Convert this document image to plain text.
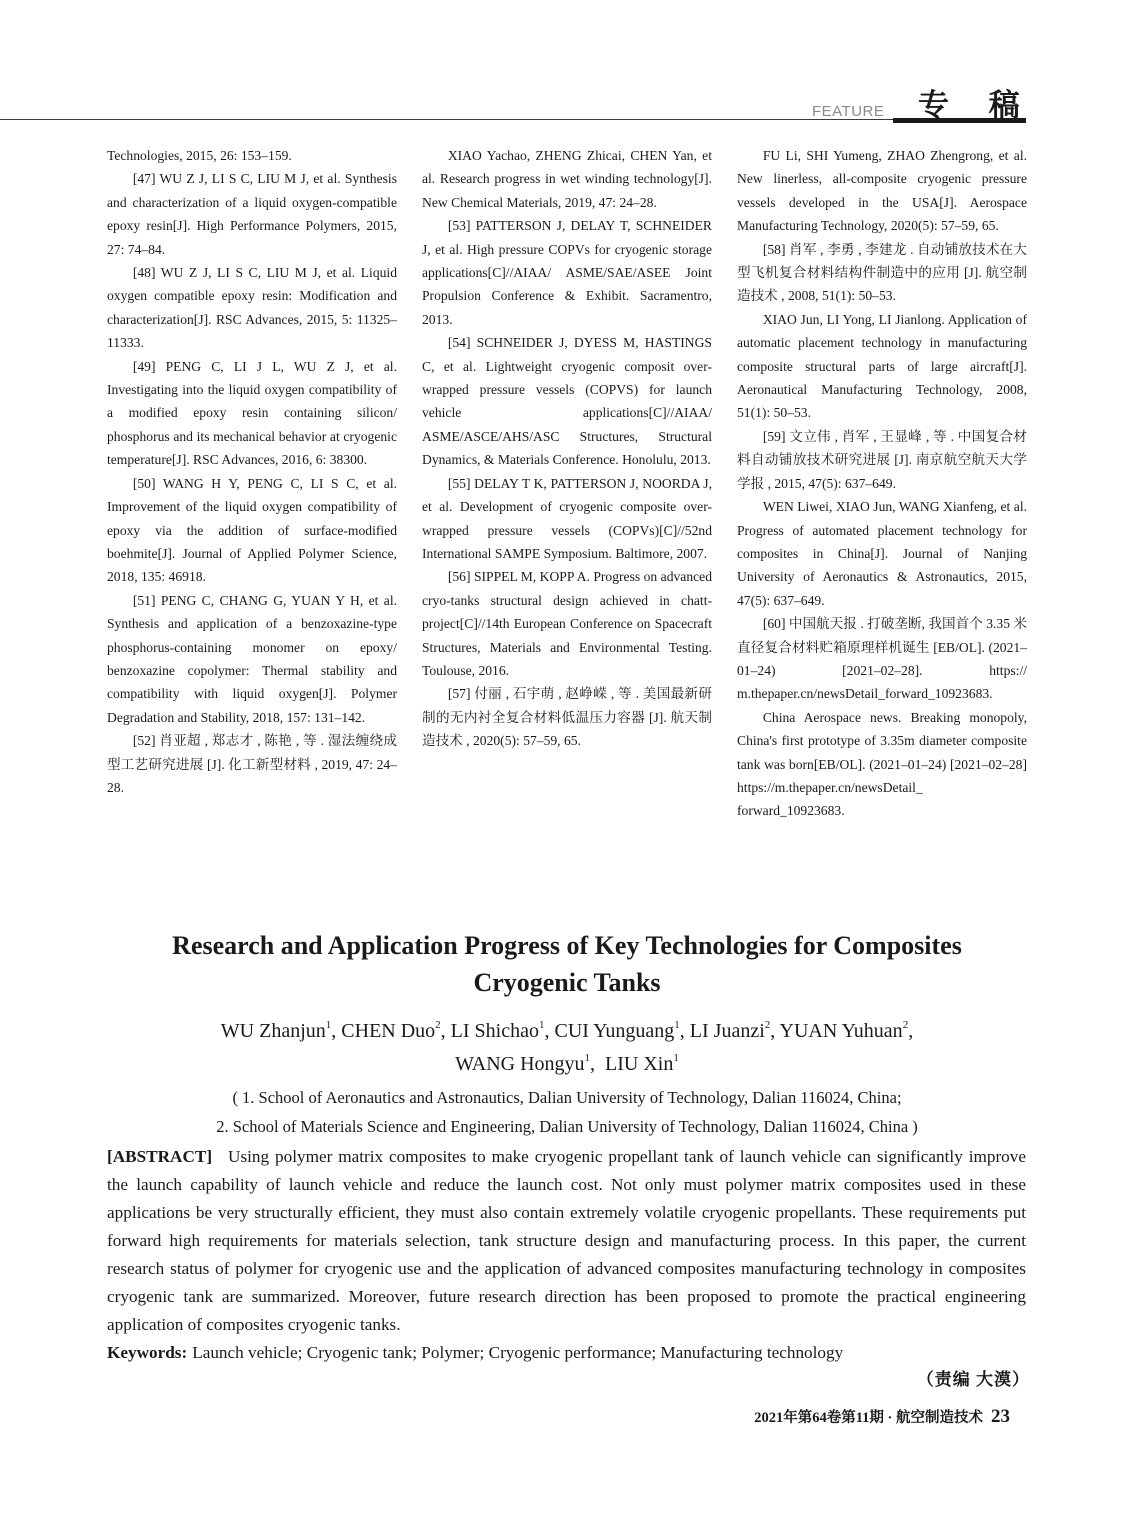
FEATURE 专 稿

Technologies, 2015, 26: 153–159.

[47] WU Z J, LI S C, LIU M J, et al. Synthesis and characterization of a liquid oxygen-compatible epoxy resin[J]. High Performance Polymers, 2015, 27: 74–84.

[48] WU Z J, LI S C, LIU M J, et al. Liquid oxygen compatible epoxy resin: Modification and characterization[J]. RSC Advances, 2015, 5: 11325–11333.

[49] PENG C, LI J L, WU Z J, et al. Investigating into the liquid oxygen compatibility of a modified epoxy resin containing silicon/ phosphorus and its mechanical behavior at cryogenic temperature[J]. RSC Advances, 2016, 6: 38300.

[50] WANG H Y, PENG C, LI S C, et al. Improvement of the liquid oxygen compatibility of epoxy via the addition of surface-modified boehmite[J]. Journal of Applied Polymer Science, 2018, 135: 46918.

[51] PENG C, CHANG G, YUAN Y H, et al. Synthesis and application of a benzoxazine-type phosphorus-containing monomer on epoxy/ benzoxazine copolymer: Thermal stability and compatibility with liquid oxygen[J]. Polymer Degradation and Stability, 2018, 157: 131–142.

[52] 肖亚超 , 郑志才 , 陈艳 , 等 . 湿法缠绕成型工艺研究进展 [J]. 化工新型材料 , 2019, 47: 24–28.

XIAO Yachao, ZHENG Zhicai, CHEN Yan, et al. Research progress in wet winding technology[J]. New Chemical Materials, 2019, 47: 24–28.

[53] PATTERSON J, DELAY T, SCHNEIDER J, et al. High pressure COPVs for cryogenic storage applications[C]//AIAA/ ASME/SAE/ASEE Joint Propulsion Conference & Exhibit. Sacramentro, 2013.

[54] SCHNEIDER J, DYESS M, HASTINGS C, et al. Lightweight cryogenic composit over-wrapped pressure vessels (COPVS) for launch vehicle applications[C]//AIAA/ ASME/ASCE/AHS/ASC Structures, Structural Dynamics, & Materials Conference. Honolulu, 2013.

[55] DELAY T K, PATTERSON J, NOORDA J, et al. Development of cryogenic composite over-wrapped pressure vessels (COPVs)[C]//52nd International SAMPE Symposium. Baltimore, 2007.

[56] SIPPEL M, KOPP A. Progress on advanced cryo-tanks structural design achieved in chatt-project[C]//14th European Conference on Spacecraft Structures, Materials and Environmental Testing. Toulouse, 2016.

[57] 付丽 , 石宇萌 , 赵峥嵘 , 等 . 美国最新研制的无内衬全复合材料低温压力容器 [J]. 航天制造技术 , 2020(5): 57–59, 65.

FU Li, SHI Yumeng, ZHAO Zhengrong, et al. New linerless, all-composite cryogenic pressure vessels developed in the USA[J]. Aerospace Manufacturing Technology, 2020(5): 57–59, 65.

[58] 肖军 , 李勇 , 李建龙 . 自动铺放技术在大型飞机复合材料结构件制造中的应用 [J]. 航空制造技术 , 2008, 51(1): 50–53.

XIAO Jun, LI Yong, LI Jianlong. Application of automatic placement technology in manufacturing composite structural parts of large aircraft[J]. Aeronautical Manufacturing Technology, 2008, 51(1): 50–53.

[59] 文立伟 , 肖军 , 王显峰 , 等 . 中国复合材料自动铺放技术研究进展 [J]. 南京航空航天大学学报 , 2015, 47(5): 637–649.

WEN Liwei, XIAO Jun, WANG Xianfeng, et al. Progress of automated placement technology for composites in China[J]. Journal of Nanjing University of Aeronautics & Astronautics, 2015, 47(5): 637–649.

[60] 中国航天报 . 打破垄断, 我国首个 3.35 米直径复合材料贮箱原理样机诞生 [EB/OL]. (2021–01–24) [2021–02–28]. https:// m.thepaper.cn/newsDetail_forward_10923683.

China Aerospace news. Breaking monopoly, China's first prototype of 3.35m diameter composite tank was born[EB/OL]. (2021–01–24) [2021–02–28] https://m.thepaper.cn/newsDetail_ forward_10923683.

Research and Application Progress of Key Technologies for Composites
Cryogenic Tanks
WU Zhanjun$^1$, CHEN Duo$^2$, LI Shichao$^1$, CUI Yunguang$^1$, LI Juanzi$^2$, YUAN Yuhuan$^2$,
WANG Hongyu$^1$,  LIU Xin$^1$
( 1. School of Aeronautics and Astronautics, Dalian University of Technology, Dalian 116024, China;
2. School of Materials Science and Engineering, Dalian University of Technology, Dalian 116024, China )
[ABSTRACT] Using polymer matrix composites to make cryogenic propellant tank of launch vehicle can significantly improve the launch capability of launch vehicle and reduce the launch cost. Not only must polymer matrix composites used in these applications be very structurally efficient, they must also contain extremely volatile cryogenic propellants. These requirements put forward high requirements for materials selection, tank structure design and manufacturing process. In this paper, the current research status of polymer for cryogenic use and the application of advanced composites manufacturing technology in composites cryogenic tank are summarized. Moreover, future research direction has been proposed to promote the practical engineering application of composites cryogenic tanks.
Keywords: Launch vehicle; Cryogenic tank; Polymer; Cryogenic performance; Manufacturing technology
（责编 大漠）
2021年第64卷第11期 · 航空制造技术 23
